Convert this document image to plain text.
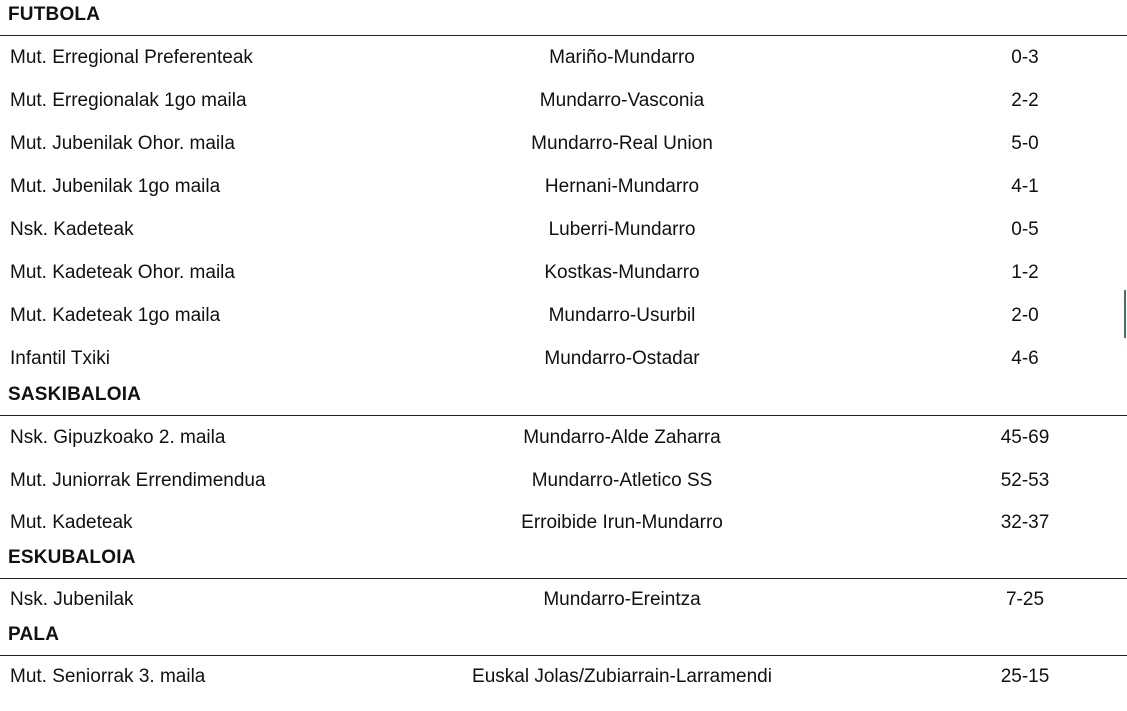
FUTBOLA
Mut. Erregional Preferenteak	Mariño-Mundarro	0-3
Mut. Erregionalak 1go maila	Mundarro-Vasconia	2-2
Mut. Jubenilak Ohor. maila	Mundarro-Real Union	5-0
Mut. Jubenilak 1go maila	Hernani-Mundarro	4-1
Nsk. Kadeteak	Luberri-Mundarro	0-5
Mut. Kadeteak Ohor. maila	Kostkas-Mundarro	1-2
Mut. Kadeteak 1go maila	Mundarro-Usurbil	2-0
Infantil Txiki	Mundarro-Ostadar	4-6
SASKIBALOIA
Nsk. Gipuzkoako 2. maila	Mundarro-Alde Zaharra	45-69
Mut. Juniorrak Errendimendua	Mundarro-Atletico SS	52-53
Mut. Kadeteak	Erroibide Irun-Mundarro	32-37
ESKUBALOIA
Nsk. Jubenilak	Mundarro-Ereintza	7-25
PALA
Mut. Seniorrak 3. maila	Euskal Jolas/Zubiarrain-Larramendi	25-15
